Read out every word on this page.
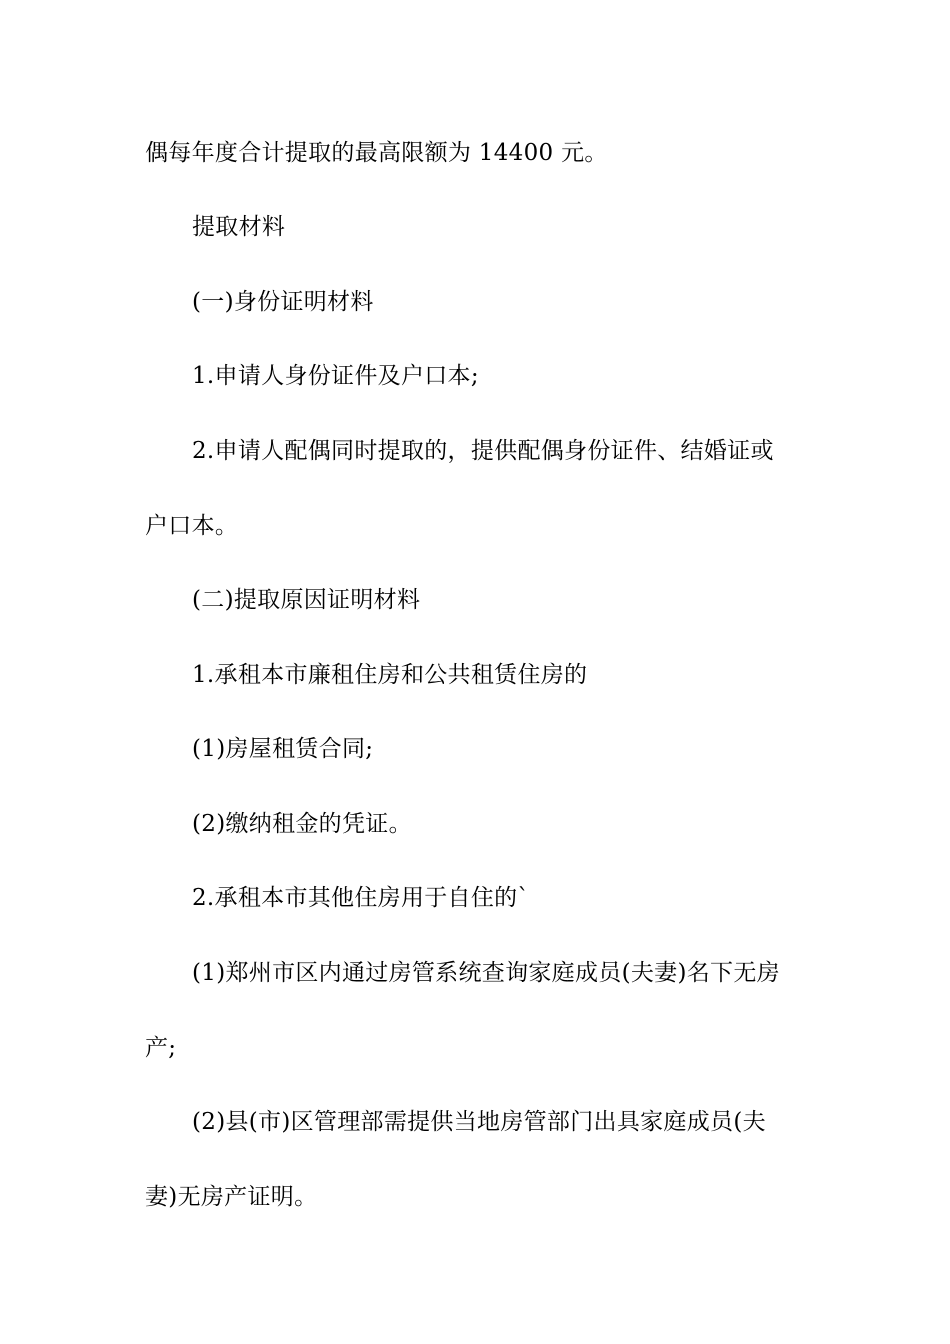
偶每年度合计提取的最高限额为 14400 元。
提取材料
(一)身份证明材料
1.申请人身份证件及户口本;
2.申请人配偶同时提取的，提供配偶身份证件、结婚证或
户口本。
(二)提取原因证明材料
1.承租本市廉租住房和公共租赁住房的
(1)房屋租赁合同;
(2)缴纳租金的凭证。
2.承租本市其他住房用于自住的`
(1)郑州市区内通过房管系统查询家庭成员(夫妻)名下无房
产;
(2)县(市)区管理部需提供当地房管部门出具家庭成员(夫
妻)无房产证明。
